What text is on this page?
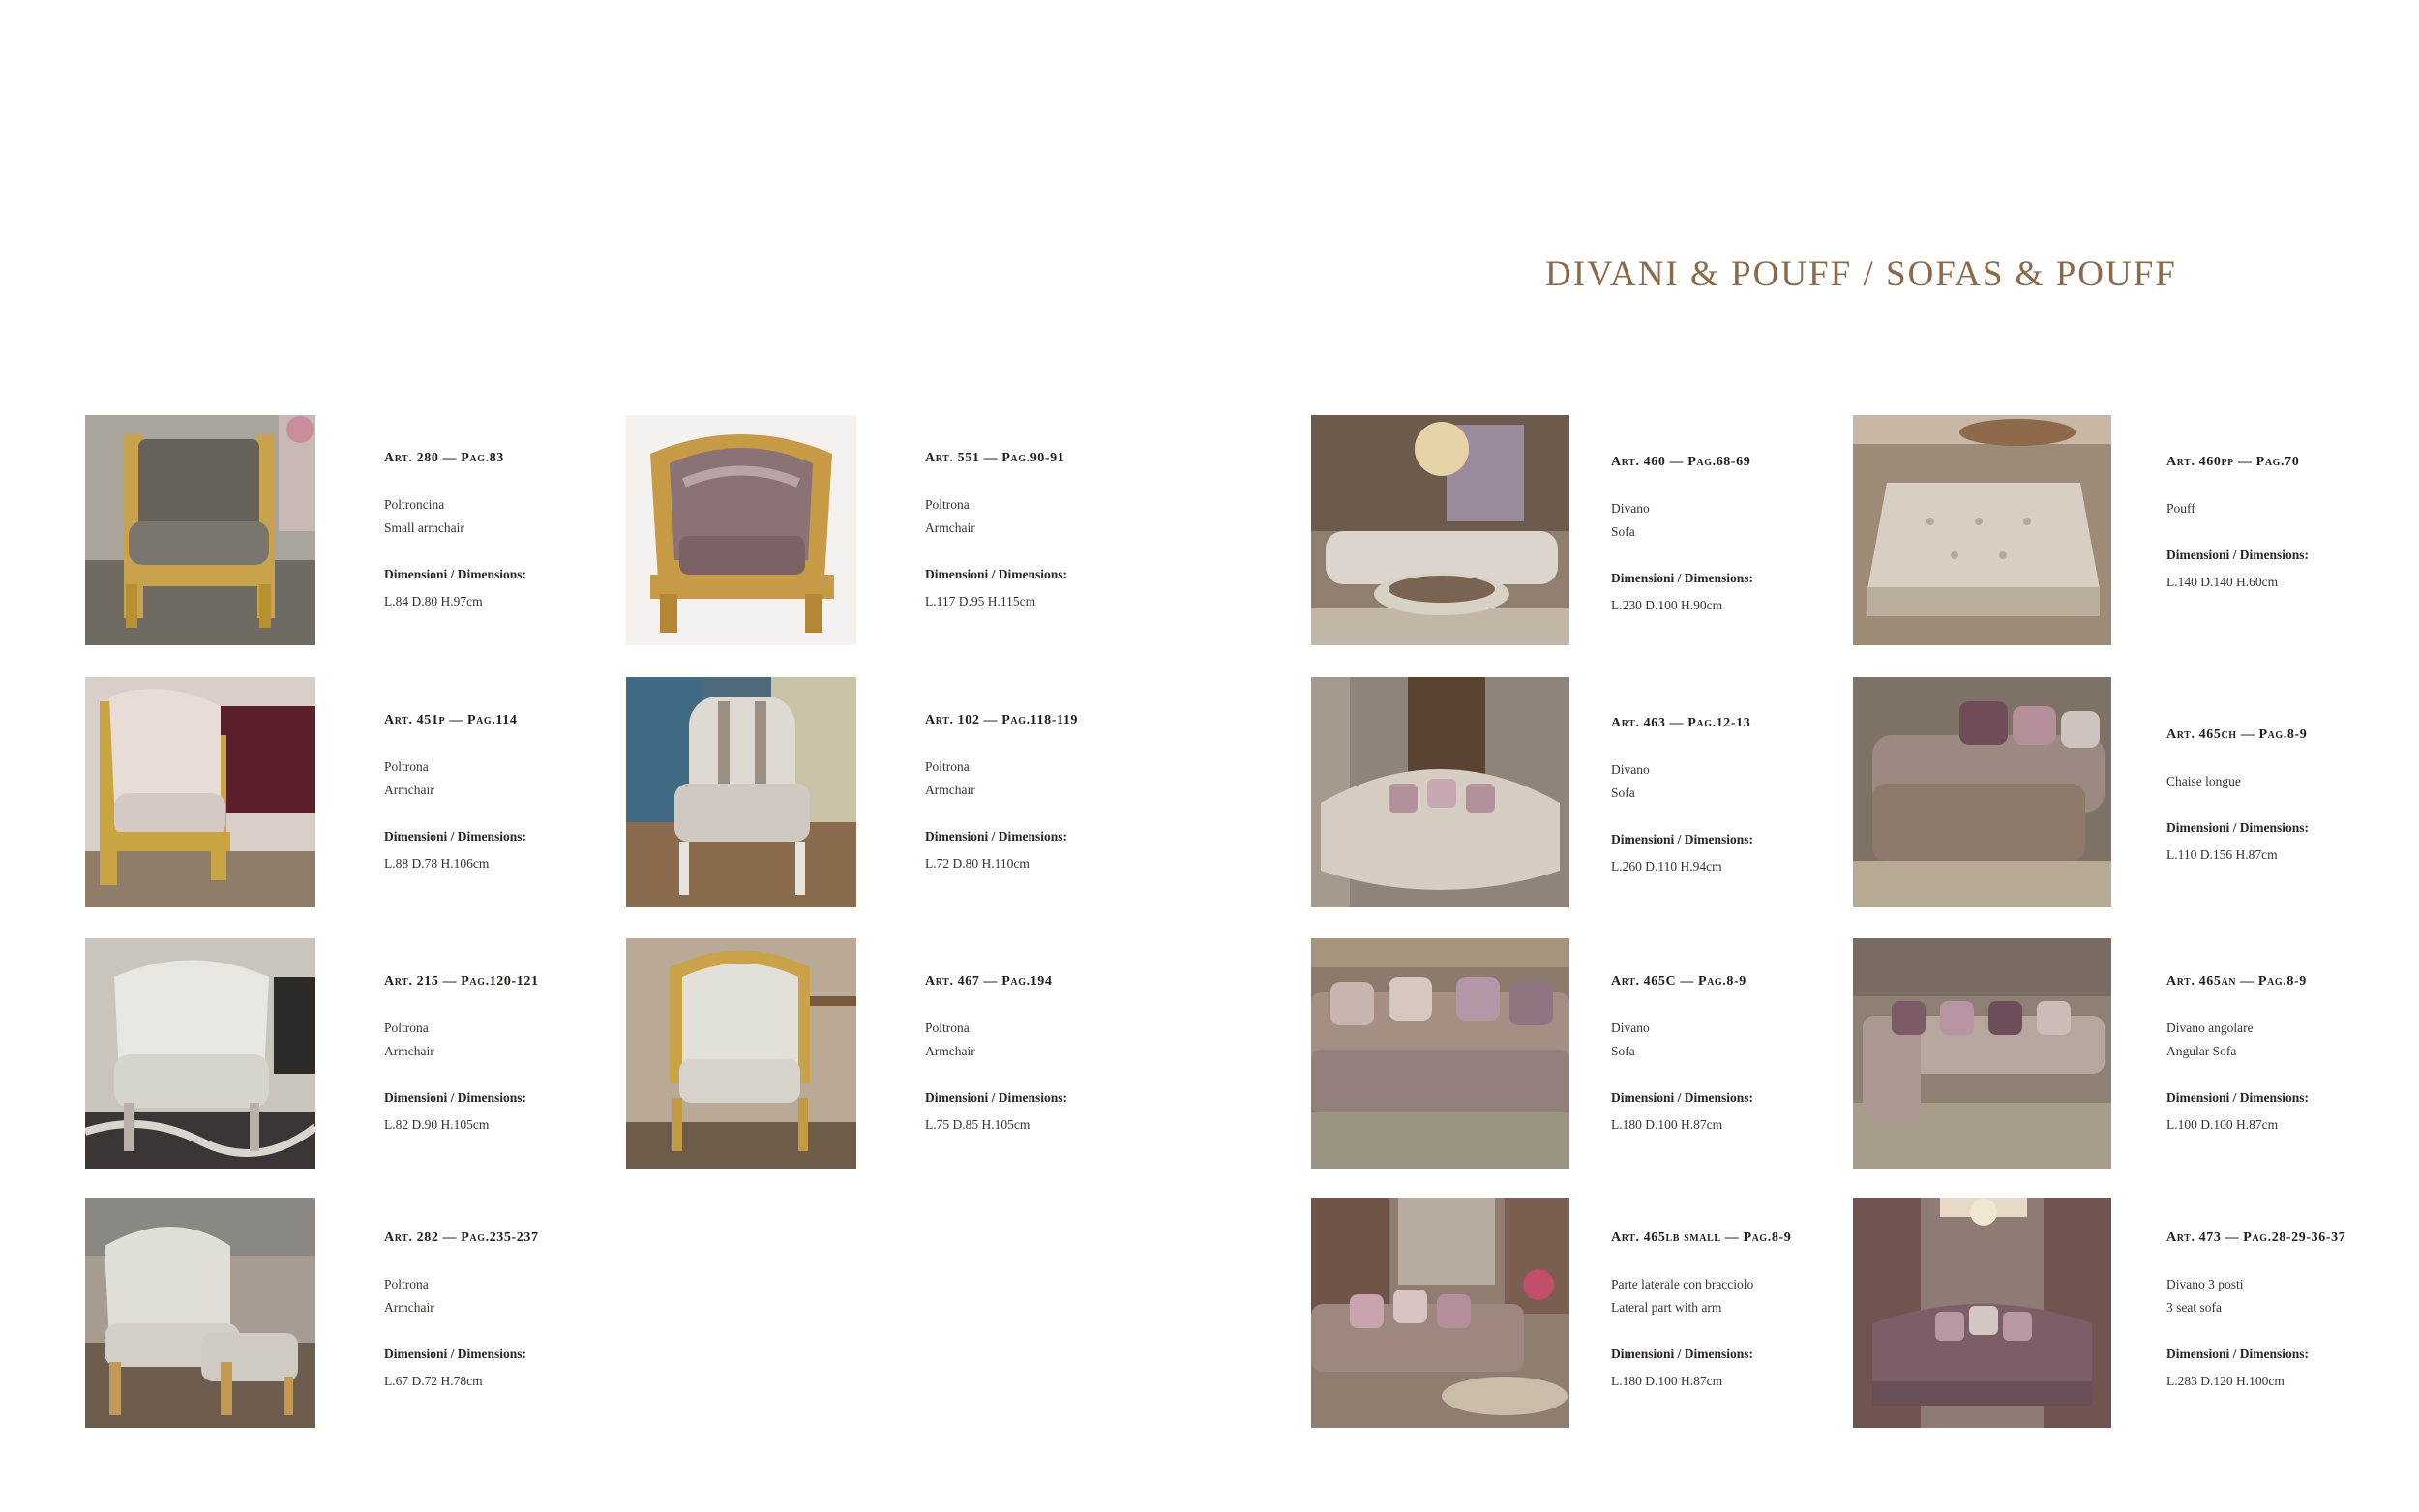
DIVANI & POUFF / SOFAS & POUFF
Art. 280 — Pag.83
Poltroncina
Small armchair
Dimensioni / Dimensions:
L.84 D.80 H.97cm
Art. 551 — Pag.90-91
Poltrona
Armchair
Dimensioni / Dimensions:
L.117 D.95 H.115cm
Art. 451p — Pag.114
Poltrona
Armchair
Dimensioni / Dimensions:
L.88 D.78 H.106cm
Art. 102 — Pag.118-119
Poltrona
Armchair
Dimensioni / Dimensions:
L.72 D.80 H.110cm
Art. 215 — Pag.120-121
Poltrona
Armchair
Dimensioni / Dimensions:
L.82 D.90 H.105cm
Art. 467 — Pag.194
Poltrona
Armchair
Dimensioni / Dimensions:
L.75 D.85 H.105cm
Art. 282 — Pag.235-237
Poltrona
Armchair
Dimensioni / Dimensions:
L.67 D.72 H.78cm
Art. 460 — Pag.68-69
Divano
Sofa
Dimensioni / Dimensions:
L.230 D.100 H.90cm
Art. 460pp — Pag.70
Pouff
Dimensioni / Dimensions:
L.140 D.140 H.60cm
Art. 463 — Pag.12-13
Divano
Sofa
Dimensioni / Dimensions:
L.260 D.110 H.94cm
Art. 465ch — Pag.8-9
Chaise longue
Dimensioni / Dimensions:
L.110 D.156 H.87cm
Art. 465C — Pag.8-9
Divano
Sofa
Dimensioni / Dimensions:
L.180 D.100 H.87cm
Art. 465an — Pag.8-9
Divano angolare
Angular Sofa
Dimensioni / Dimensions:
L.100 D.100 H.87cm
Art. 465lb small — Pag.8-9
Parte laterale con bracciolo
Lateral part with arm
Dimensioni / Dimensions:
L.180 D.100 H.87cm
Art. 473 — Pag.28-29-36-37
Divano 3 posti
3 seat sofa
Dimensioni / Dimensions:
L.283 D.120 H.100cm
